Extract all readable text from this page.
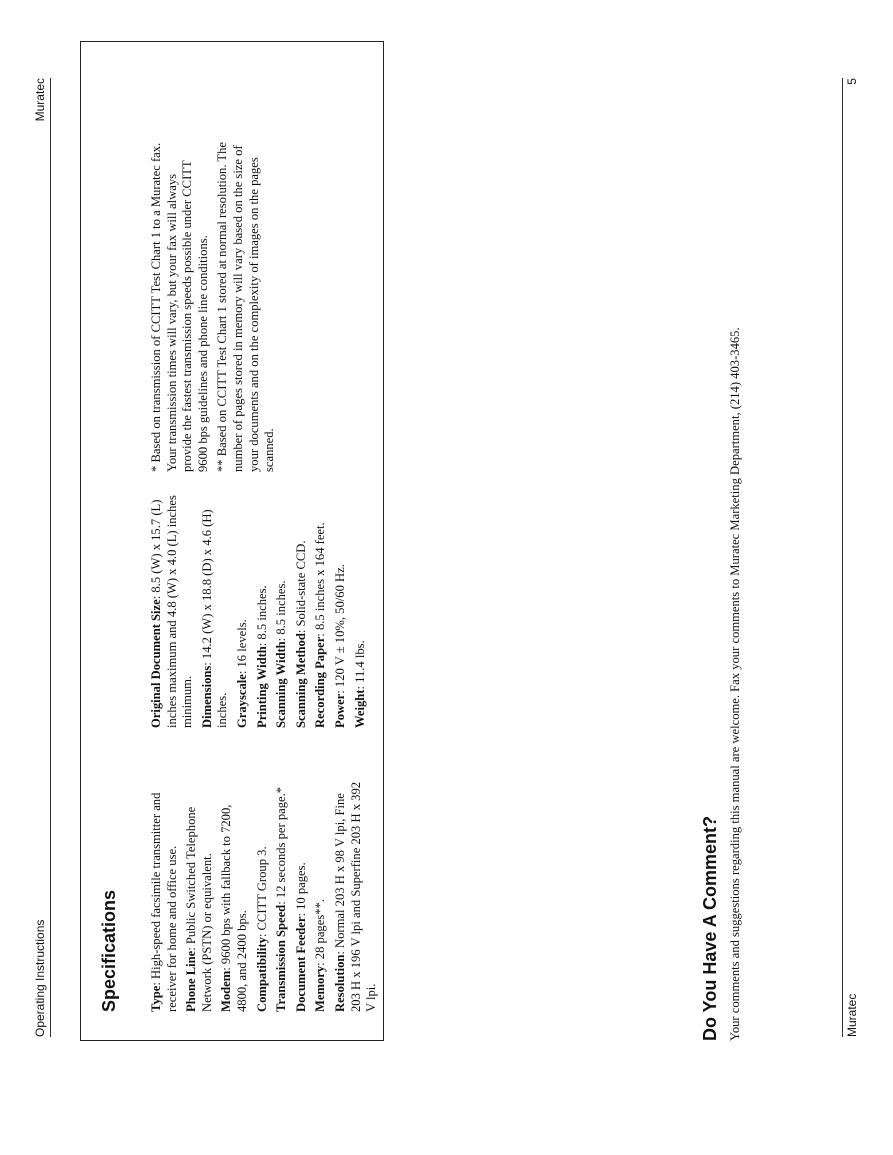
Operating Instructions
Muratec
Specifications Type: High-speed facsimile transmitter and receiver for home and office use. Phone Line: Public Switched Telephone Network (PSTN) or equivalent. Modem: 9600 bps with fallback to 7200, 4800, and 2400 bps. Compatibility: CCITT Group 3.

Transmission Speed: 12 seconds per page.*

Document Feeder: 10 pages.

Memory: 28 pages**.

Resolution: Normal 203 H x 98 V lpi, Fine 203 H x 196 V lpi and Superfine 203 H x 392 V lpi.

Original Document Size: 8.5 (W) x 15.7 (L) inches maximum and 4.8 (W) x 4.0 (L) inches minimum. Dimensions: 14.2 (W) x 18.8 (D) x 4.6 (H) inches. Grayscale: 16 levels. Printing Width: 8.5 inches.

Scanning Width: 8.5 inches.

Scanning Method: Solid-state CCD.

Recording Paper: 8.5 inches x 164 feet.

Power: 120 V ± 10%, 50/60 Hz.

Weight: 11.4 lbs.

* Based on transmission of CCITT Test Chart 1 to a Muratec fax. Your transmission times will vary, but your fax will always provide the fastest transmission speeds possible under CCITT 9600 bps guidelines and phone line conditions. ** Based on CCITT Test Chart 1 stored at normal resolution. The number of pages stored in memory will vary based on the size of your documents and on the complexity of images on the pages scanned.

Do You Have A Comment? Your comments and suggestions regarding this manual are welcome. Fax your comments to Muratec Marketing Department, (214) 403-3465.	Muratec
5
